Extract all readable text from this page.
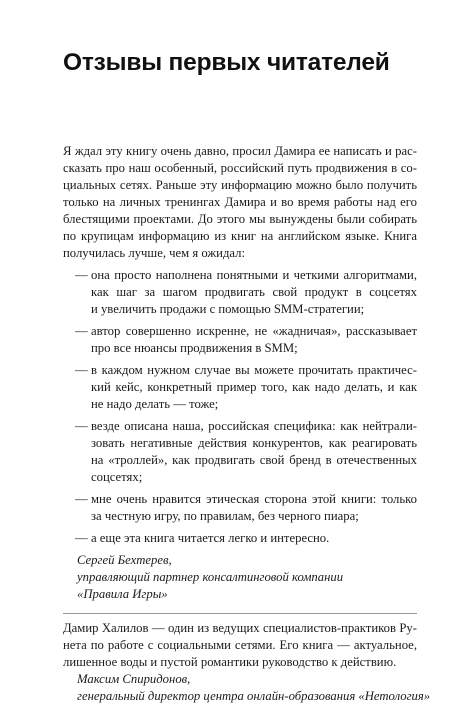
Отзывы первых читателей

Я ждал эту книгу очень давно, просил Дамира ее написать и рас-
сказать про наш особенный, российский путь продвижения в со-
циальных сетях. Раньше эту информацию можно было получить
только на личных тренингах Дамира и во время работы над его
блестящими проектами. До этого мы вынуждены были собирать
по крупицам информацию из книг на английском языке. Книга
получилась лучше, чем я ожидал:

— она просто наполнена понятными и четкими алгоритмами,
как шаг за шагом продвигать свой продукт в соцсетях
и увеличить продажи с помощью SMM-стратегии;
— автор совершенно искренне, не «жадничая», рассказывает
про все нюансы продвижения в SMM;
— в каждом нужном случае вы можете прочитать практичес-
кий кейс, конкретный пример того, как надо делать, и как
не надо делать — тоже;
— везде описана наша, российская специфика: как нейтрали-
зовать негативные действия конкурентов, как реагировать
на «троллей», как продвигать свой бренд в отечественных
соцсетях;
— мне очень нравится этическая сторона этой книги: только
за честную игру, по правилам, без черного пиара;
— а еще эта книга читается легко и интересно.
Сергей Бехтерев,
управляющий партнер консалтинговой компании
«Правила Игры»

Дамир Халилов — один из ведущих специалистов-практиков Ру-
нета по работе с социальными сетями. Его книга — актуальное,
лишенное воды и пустой романтики руководство к действию.

Максим Спиридонов,
генеральный директор центра онлайн-образования «Нетология»
